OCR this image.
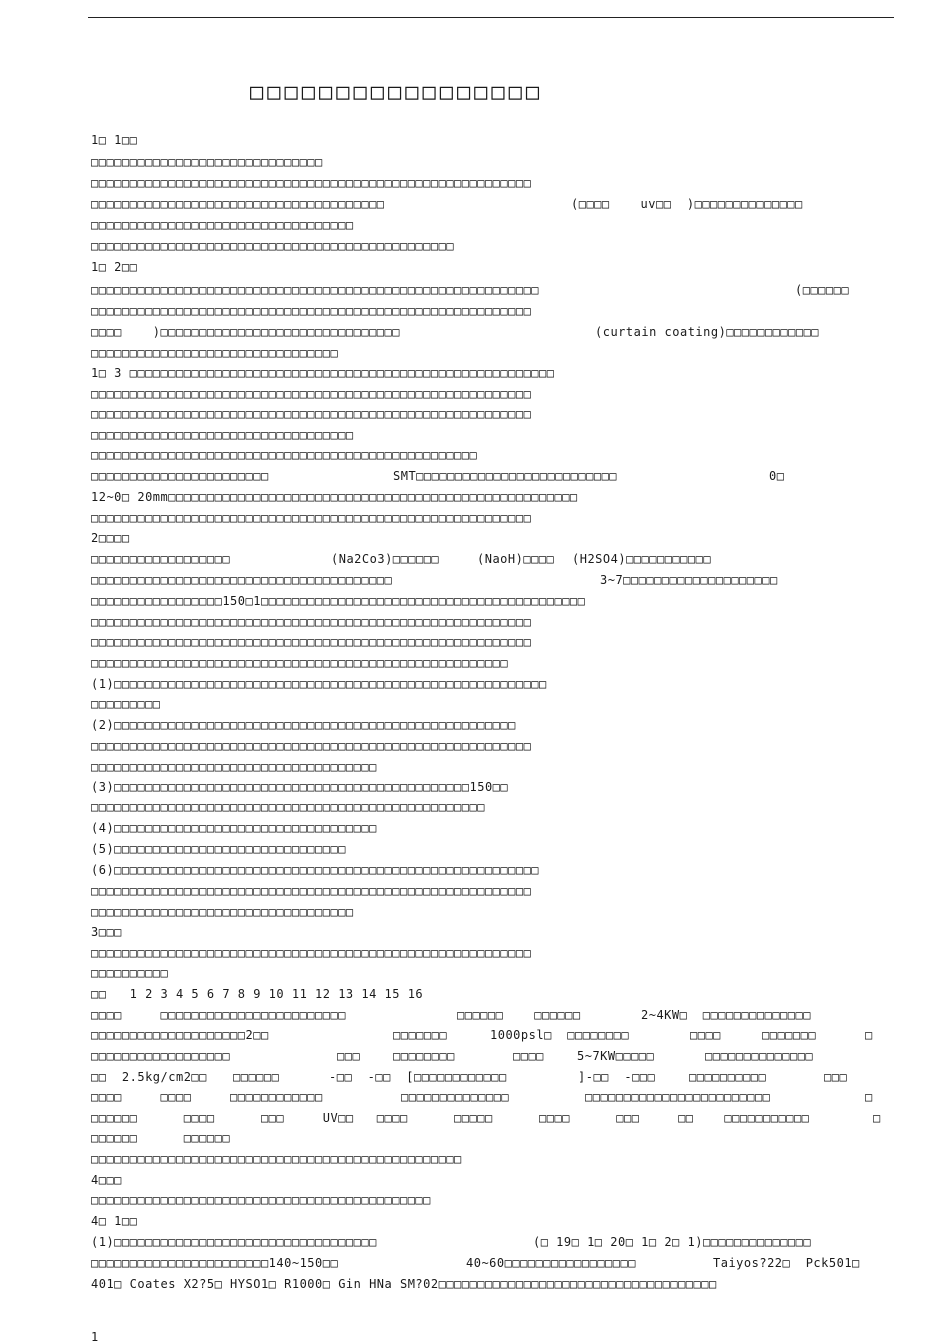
□□□□□□□□□□□□□□□□□
1□ 1□□
□□□□□□□□□□□□□□□□□□□□□□□□□□□□□□
□□□□□□□□□□□□□□□□□□□□□□□□□□□□□□□□□□□□□□□□□□□□□□□□□□□□□□□□□
□□□□□□□□□□□□□□□□□□□□□□□□□□□□□□□□□□□□□□	(□□□□    uv□□  )□□□□□□□□□□□□□□
□□□□□□□□□□□□□□□□□□□□□□□□□□□□□□□□□□
□□□□□□□□□□□□□□□□□□□□□□□□□□□□□□□□□□□□□□□□□□□□□□□
1□ 2□□
□□□□□□□□□□□□□□□□□□□□□□□□□□□□□□□□□□□□□□□□□□□□□□□□□□□□□□□□□□	(□□□□□□
□□□□□□□□□□□□□□□□□□□□□□□□□□□□□□□□□□□□□□□□□□□□□□□□□□□□□□□□□
□□□□    )□□□□□□□□□□□□□□□□□□□□□□□□□□□□□□□	(curtain coating)□□□□□□□□□□□□
□□□□□□□□□□□□□□□□□□□□□□□□□□□□□□□□
1□ 3 □□□□□□□□□□□□□□□□□□□□□□□□□□□□□□□□□□□□□□□□□□□□□□□□□□□□□□□
□□□□□□□□□□□□□□□□□□□□□□□□□□□□□□□□□□□□□□□□□□□□□□□□□□□□□□□□□
□□□□□□□□□□□□□□□□□□□□□□□□□□□□□□□□□□□□□□□□□□□□□□□□□□□□□□□□□
□□□□□□□□□□□□□□□□□□□□□□□□□□□□□□□□□□
□□□□□□□□□□□□□□□□□□□□□□□□□□□□□□□□□□□□□□□□□□□□□□□□□□
□□□□□□□□□□□□□□□□□□□□□□□	SMT□□□□□□□□□□□□□□□□□□□□□□□□□□	0□
12~0□ 20mm□□□□□□□□□□□□□□□□□□□□□□□□□□□□□□□□□□□□□□□□□□□□□□□□□□□□□
□□□□□□□□□□□□□□□□□□□□□□□□□□□□□□□□□□□□□□□□□□□□□□□□□□□□□□□□□
2□□□□
□□□□□□□□□□□□□□□□□□	(Na2Co3)□□□□□□	(NaoH)□□□□ (H2SO4)□□□□□□□□□□□
□□□□□□□□□□□□□□□□□□□□□□□□□□□□□□□□□□□□□□□	3~7□□□□□□□□□□□□□□□□□□□□
□□□□□□□□□□□□□□□□□150□1□□□□□□□□□□□□□□□□□□□□□□□□□□□□□□□□□□□□□□□□□□
□□□□□□□□□□□□□□□□□□□□□□□□□□□□□□□□□□□□□□□□□□□□□□□□□□□□□□□□□
□□□□□□□□□□□□□□□□□□□□□□□□□□□□□□□□□□□□□□□□□□□□□□□□□□□□□□□□□
□□□□□□□□□□□□□□□□□□□□□□□□□□□□□□□□□□□□□□□□□□□□□□□□□□□□□□
(1)□□□□□□□□□□□□□□□□□□□□□□□□□□□□□□□□□□□□□□□□□□□□□□□□□□□□□□□□
□□□□□□□□□
(2)□□□□□□□□□□□□□□□□□□□□□□□□□□□□□□□□□□□□□□□□□□□□□□□□□□□□
□□□□□□□□□□□□□□□□□□□□□□□□□□□□□□□□□□□□□□□□□□□□□□□□□□□□□□□□□
□□□□□□□□□□□□□□□□□□□□□□□□□□□□□□□□□□□□□
(3)□□□□□□□□□□□□□□□□□□□□□□□□□□□□□□□□□□□□□□□□□□□□□□150□□
□□□□□□□□□□□□□□□□□□□□□□□□□□□□□□□□□□□□□□□□□□□□□□□□□□□
(4)□□□□□□□□□□□□□□□□□□□□□□□□□□□□□□□□□□
(5)□□□□□□□□□□□□□□□□□□□□□□□□□□□□□□
(6)□□□□□□□□□□□□□□□□□□□□□□□□□□□□□□□□□□□□□□□□□□□□□□□□□□□□□□□
□□□□□□□□□□□□□□□□□□□□□□□□□□□□□□□□□□□□□□□□□□□□□□□□□□□□□□□□□
□□□□□□□□□□□□□□□□□□□□□□□□□□□□□□□□□□
3□□□
□□□□□□□□□□□□□□□□□□□□□□□□□□□□□□□□□□□□□□□□□□□□□□□□□□□□□□□□□
□□□□□□□□□□
□□   1 2 3 4 5 6 7 8 9 10 11 12 13 14 15 16
□□□□     □□□□□□□□□□□□□□□□□□□□□□□□	□□□□□□    □□□□□□	2~4KW□  □□□□□□□□□□□□□□
□□□□□□□□□□□□□□□□□□□□2□□	□□□□□□□	1000psl□  □□□□□□□□	□□□□	□□□□□□□	□
□□□□□□□□□□□□□□□□□□	□□□	□□□□□□□□	□□□□	5~7KW□□□□□	□□□□□□□□□□□□□□
□□  2.5kg/cm2□□ □□□□□□	-□□  -□□  [□□□□□□□□□□□□	]-□□  -□□□	□□□□□□□□□□	□□□
□□□□     □□□□     □□□□□□□□□□□□	□□□□□□□□□□□□□□	□□□□□□□□□□□□□□□□□□□□□□□□	□
□□□□□□      □□□□      □□□     UV□□   □□□□      □□□□□      □□□□      □□□     □□    □□□□□□□□□□□	□
□□□□□□      □□□□□□
□□□□□□□□□□□□□□□□□□□□□□□□□□□□□□□□□□□□□□□□□□□□□□□□
4□□□
□□□□□□□□□□□□□□□□□□□□□□□□□□□□□□□□□□□□□□□□□□□□
4□ 1□□
(1)□□□□□□□□□□□□□□□□□□□□□□□□□□□□□□□□□□	(□ 19□ 1□ 20□ 1□ 2□ 1)□□□□□□□□□□□□□□
□□□□□□□□□□□□□□□□□□□□□□□140~150□□	40~60□□□□□□□□□□□□□□□□□	Taiyos?22□  Pck501□
401□ Coates X2?5□ HYSO1□ R1000□ Gin HNa SM?02□□□□□□□□□□□□□□□□□□□□□□□□□□□□□□□□□□□□
1
